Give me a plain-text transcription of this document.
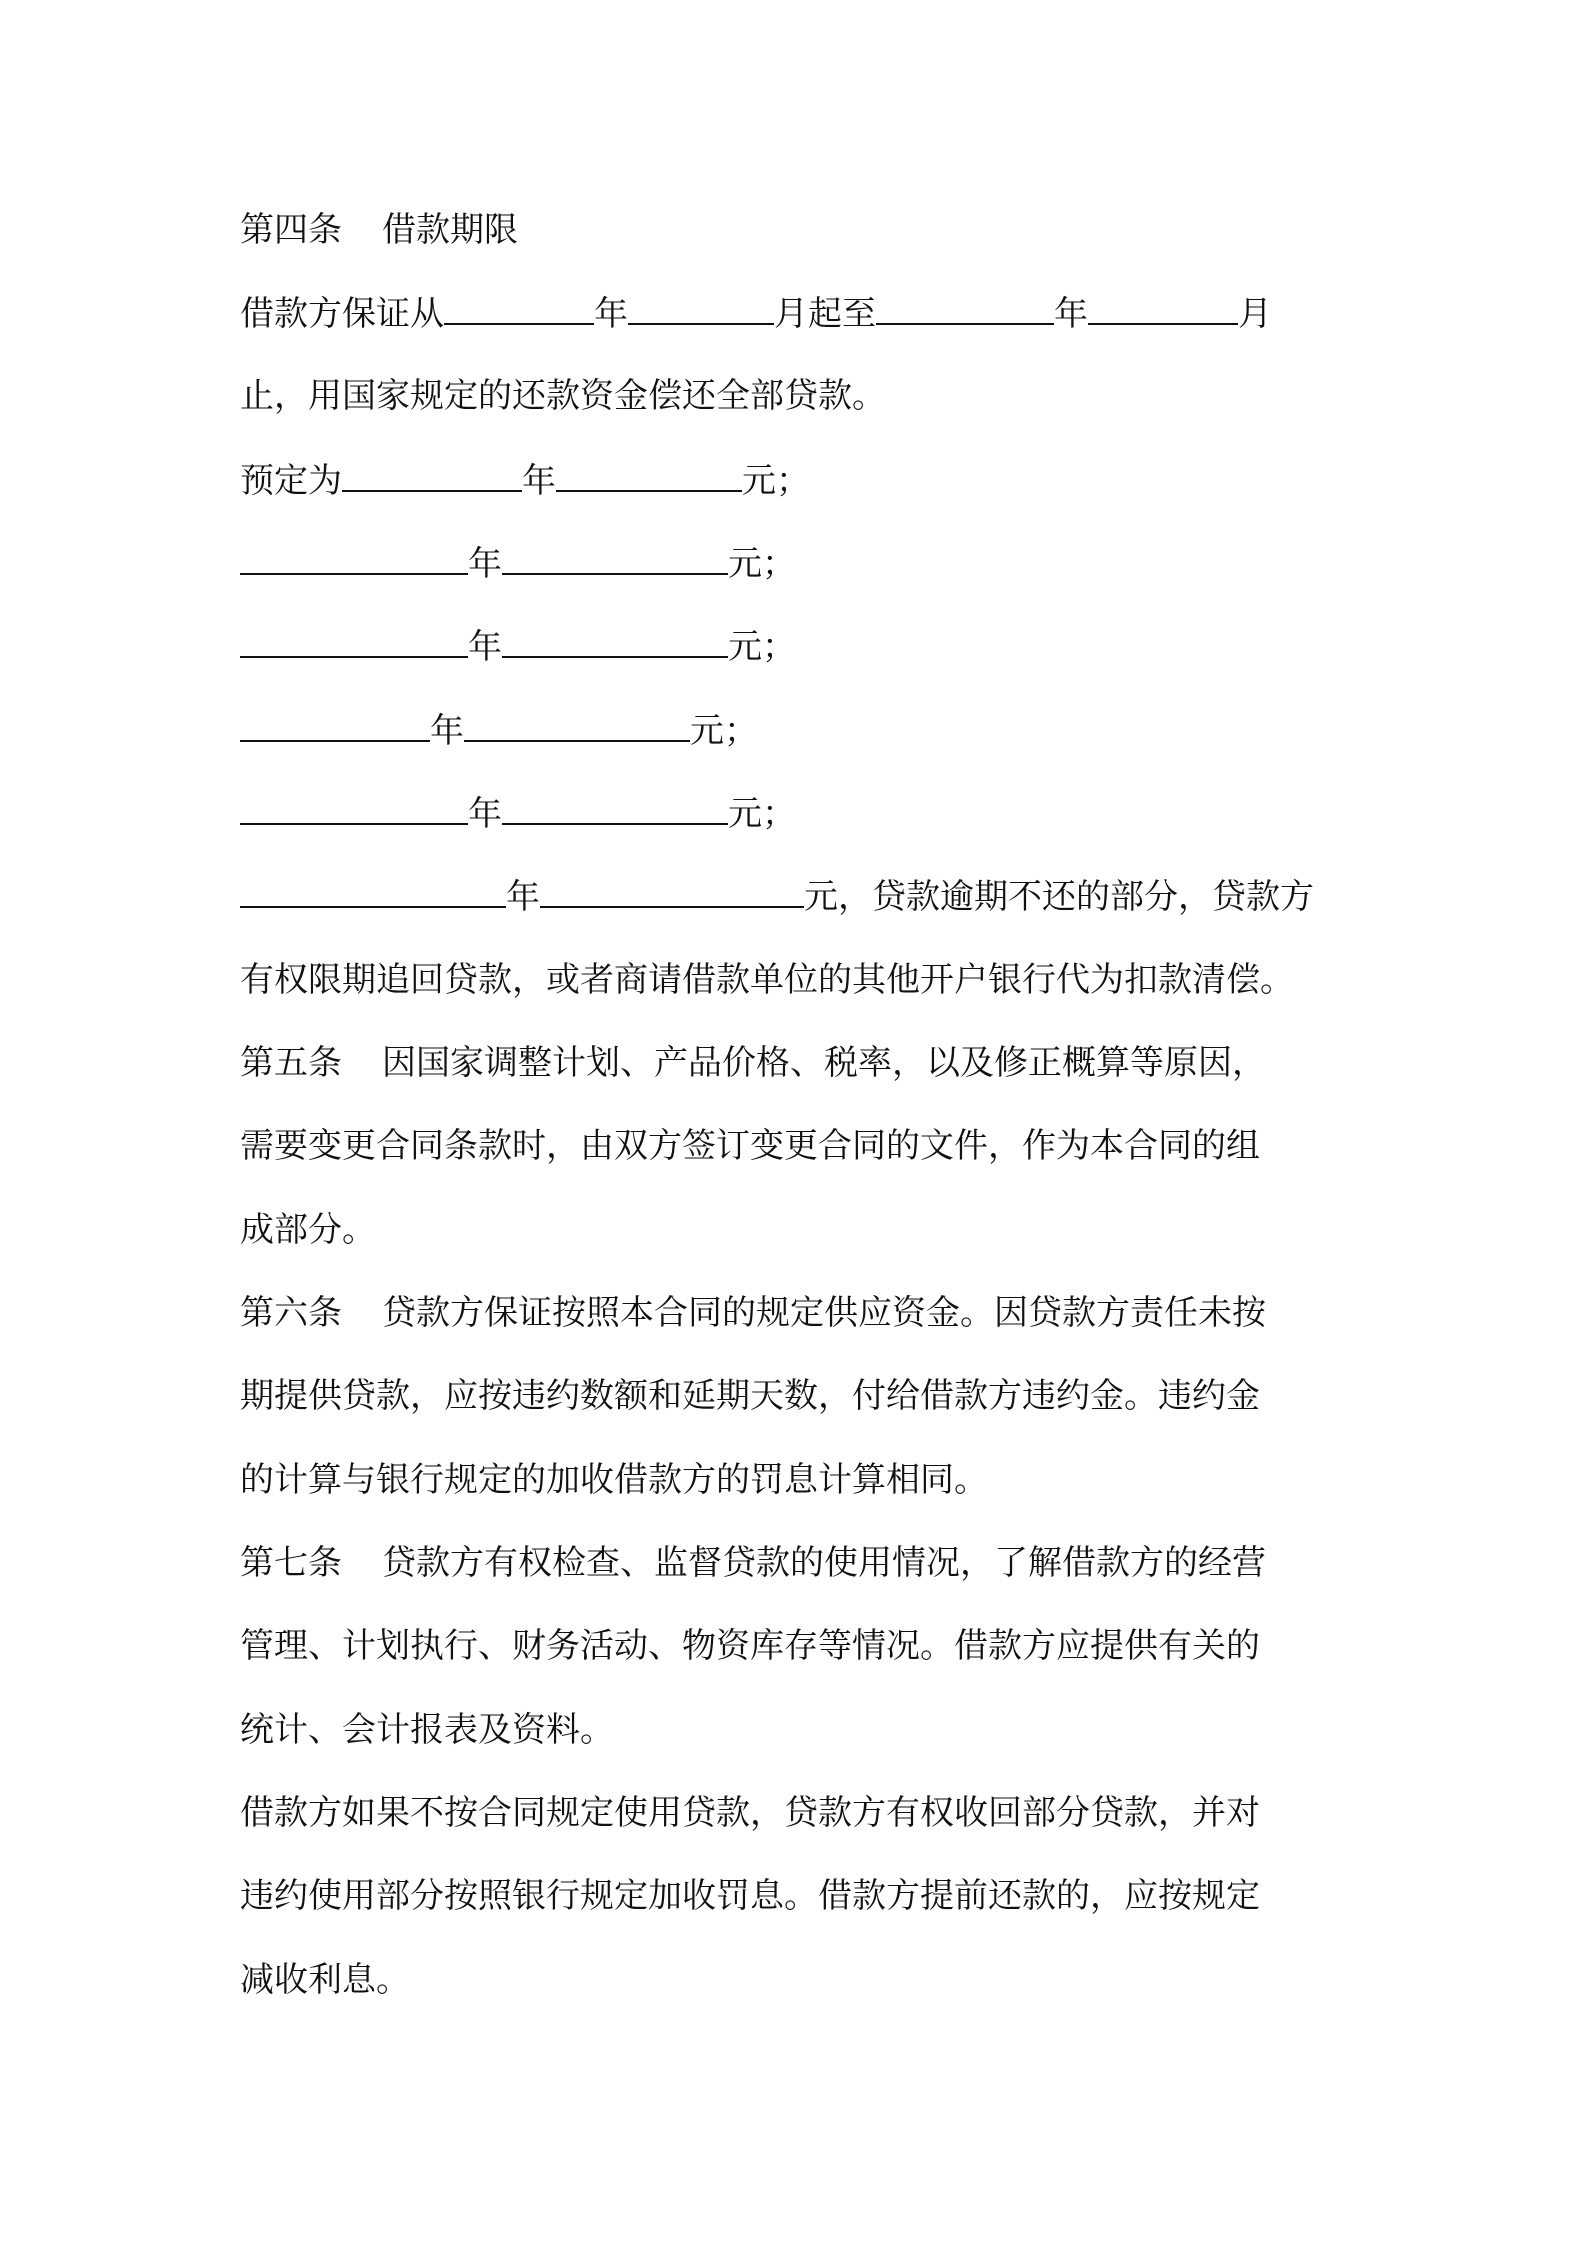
第四条 借款期限
借款方保证从	年	月起至	年	月
止，用国家规定的还款资金偿还全部贷款。
预定为	年	元；
年	元；
年	元；
年	元；
年	元；
年	元，贷款逾期不还的部分，贷款方
有权限期追回贷款，或者商请借款单位的其他开户银行代为扣款清偿。
第五条 因国家调整计划、产品价格、税率，以及修正概算等原因，
需要变更合同条款时，由双方签订变更合同的文件，作为本合同的组
成部分。
第六条 贷款方保证按照本合同的规定供应资金。因贷款方责任未按
期提供贷款，应按违约数额和延期天数，付给借款方违约金。违约金
的计算与银行规定的加收借款方的罚息计算相同。
第七条 贷款方有权检查、监督贷款的使用情况，了解借款方的经营
管理、计划执行、财务活动、物资库存等情况。借款方应提供有关的
统计、会计报表及资料。
借款方如果不按合同规定使用贷款，贷款方有权收回部分贷款，并对
违约使用部分按照银行规定加收罚息。借款方提前还款的，应按规定
减收利息。
